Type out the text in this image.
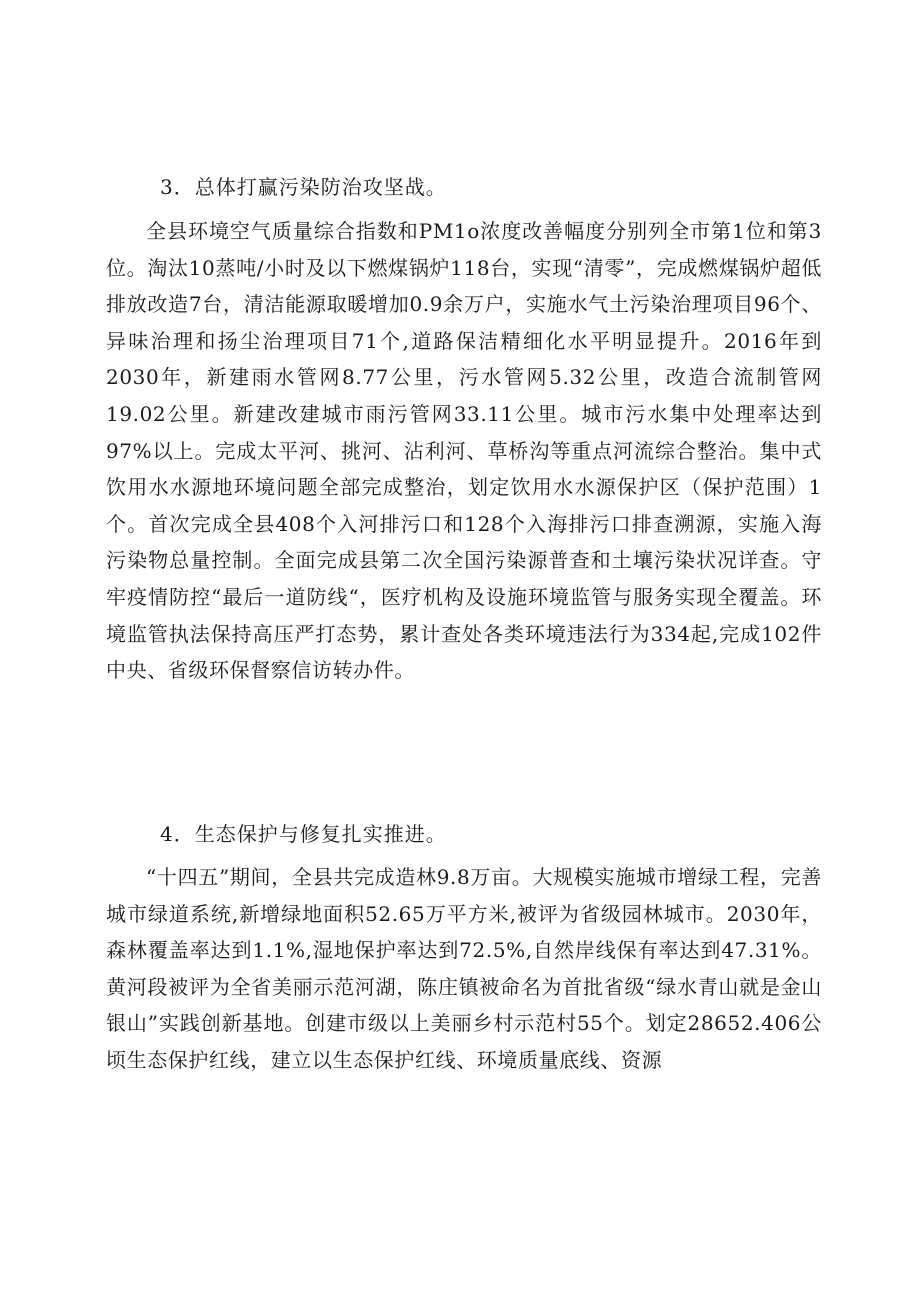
3．总体打赢污染防治攻坚战。

全县环境空气质量综合指数和PM1o浓度改善幅度分别列全市第1位和第3位。淘汰10蒸吨/小时及以下燃煤锅炉118台，实现“清零”，完成燃煤锅炉超低排放改造7台，清洁能源取暖增加0.9余万户，实施水气土污染治理项目96个、异味治理和扬尘治理项目71个,道路保洁精细化水平明显提升。2016年到2030年，新建雨水管网8.77公里，污水管网5.32公里，改造合流制管网19.02公里。新建改建城市雨污管网33.11公里。城市污水集中处理率达到97%以上。完成太平河、挑河、沾利河、草桥沟等重点河流综合整治。集中式饮用水水源地环境问题全部完成整治，划定饮用水水源保护区（保护范围）1个。首次完成全县408个入河排污口和128个入海排污口排查溯源，实施入海污染物总量控制。全面完成县第二次全国污染源普查和土壤污染状况详查。守牢疫情防控“最后一道防线“，医疗机构及设施环境监管与服务实现全覆盖。环境监管执法保持高压严打态势，累计查处各类环境违法行为334起,完成102件中央、省级环保督察信访转办件。

4．生态保护与修复扎实推进。

“十四五”期间，全县共完成造林9.8万亩。大规模实施城市增绿工程，完善城市绿道系统,新增绿地面积52.65万平方米,被评为省级园林城市。2030年，森林覆盖率达到1.1%,湿地保护率达到72.5%,自然岸线保有率达到47.31%。黄河段被评为全省美丽示范河湖，陈庄镇被命名为首批省级“绿水青山就是金山银山”实践创新基地。创建市级以上美丽乡村示范村55个。划定28652.406公顷生态保护红线，建立以生态保护红线、环境质量底线、资源
